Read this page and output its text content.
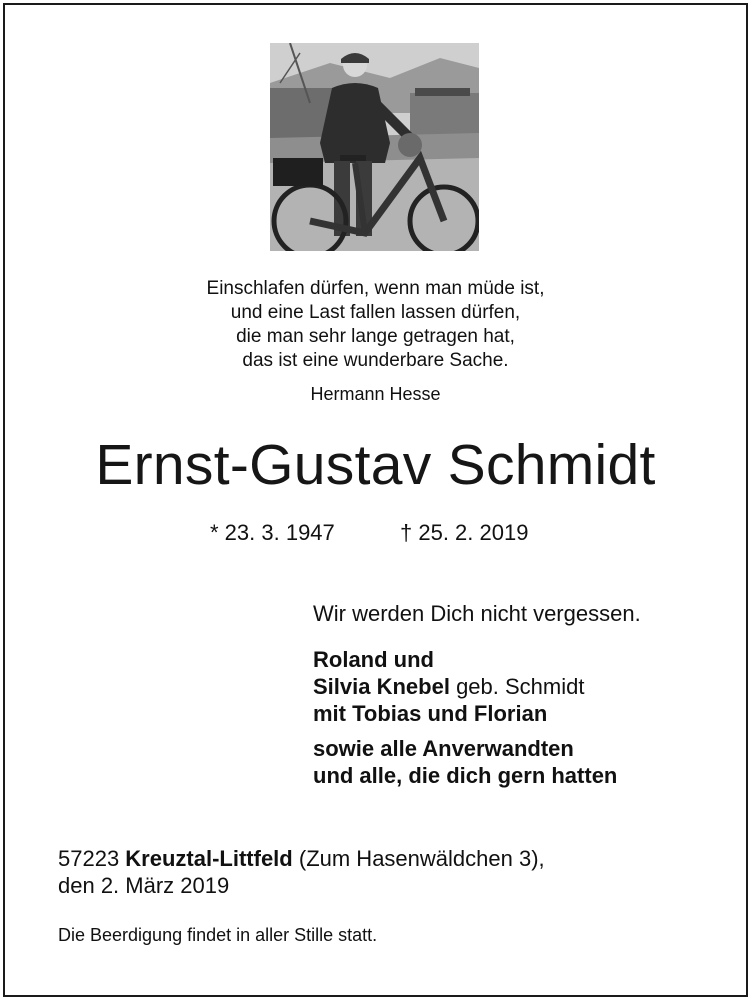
Einschlafen dürfen, wenn man müde ist,
und eine Last fallen lassen dürfen,
die man sehr lange getragen hat,
das ist eine wunderbare Sache.
Hermann Hesse
Ernst-Gustav Schmidt
* 23. 3. 1947	† 25. 2. 2019
Wir werden Dich nicht vergessen.
Roland und
Silvia Knebel geb. Schmidt
mit Tobias und Florian
sowie alle Anverwandten
und alle, die dich gern hatten
57223 Kreuztal-Littfeld (Zum Hasenwäldchen 3),
den 2. März 2019
Die Beerdigung findet in aller Stille statt.
